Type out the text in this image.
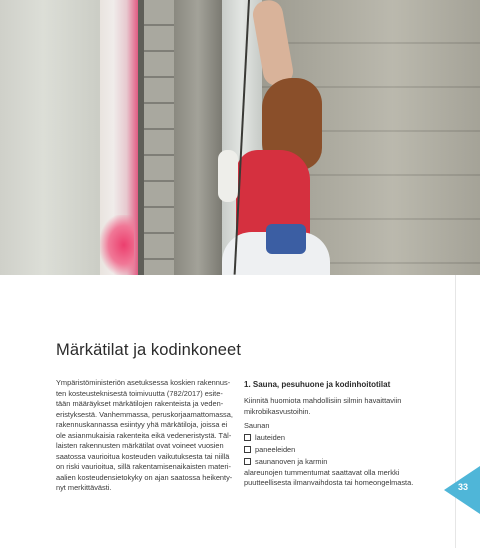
33
Märkätilat ja kodinkoneet
Ympäristöministeriön asetuksessa koskien rakennus-
ten kosteusteknisestä toimivuutta (782/2017) esite-
tään määräykset märkätilojen rakenteista ja veden-
eristyksestä. Vanhemmassa, peruskorjaamattomassa,
rakennuskannassa esiintyy yhä märkätiloja, joissa ei
ole asianmukaisia rakenteita eikä vedeneristystä. Täl-
laisten rakennusten märkätilat ovat voineet vuosien
saatossa vaurioitua kosteuden vaikutuksesta tai niillä
on riski vaurioitua, sillä rakentamisenaikaisten materi-
aalien kosteudensietokyky on ajan saatossa heikenty-
nyt merkittävästi.
1. Sauna, pesuhuone ja kodinhoitotilat
Kiinnitä huomiota mahdollisiin silmin havaittaviin
mikrobikasvustoihin.
Saunan
lauteiden
paneeleiden
saunanoven ja karmin
alareunojen tummentumat saattavat olla merkki
puutteellisesta ilmanvaihdosta tai homeongelmasta.
